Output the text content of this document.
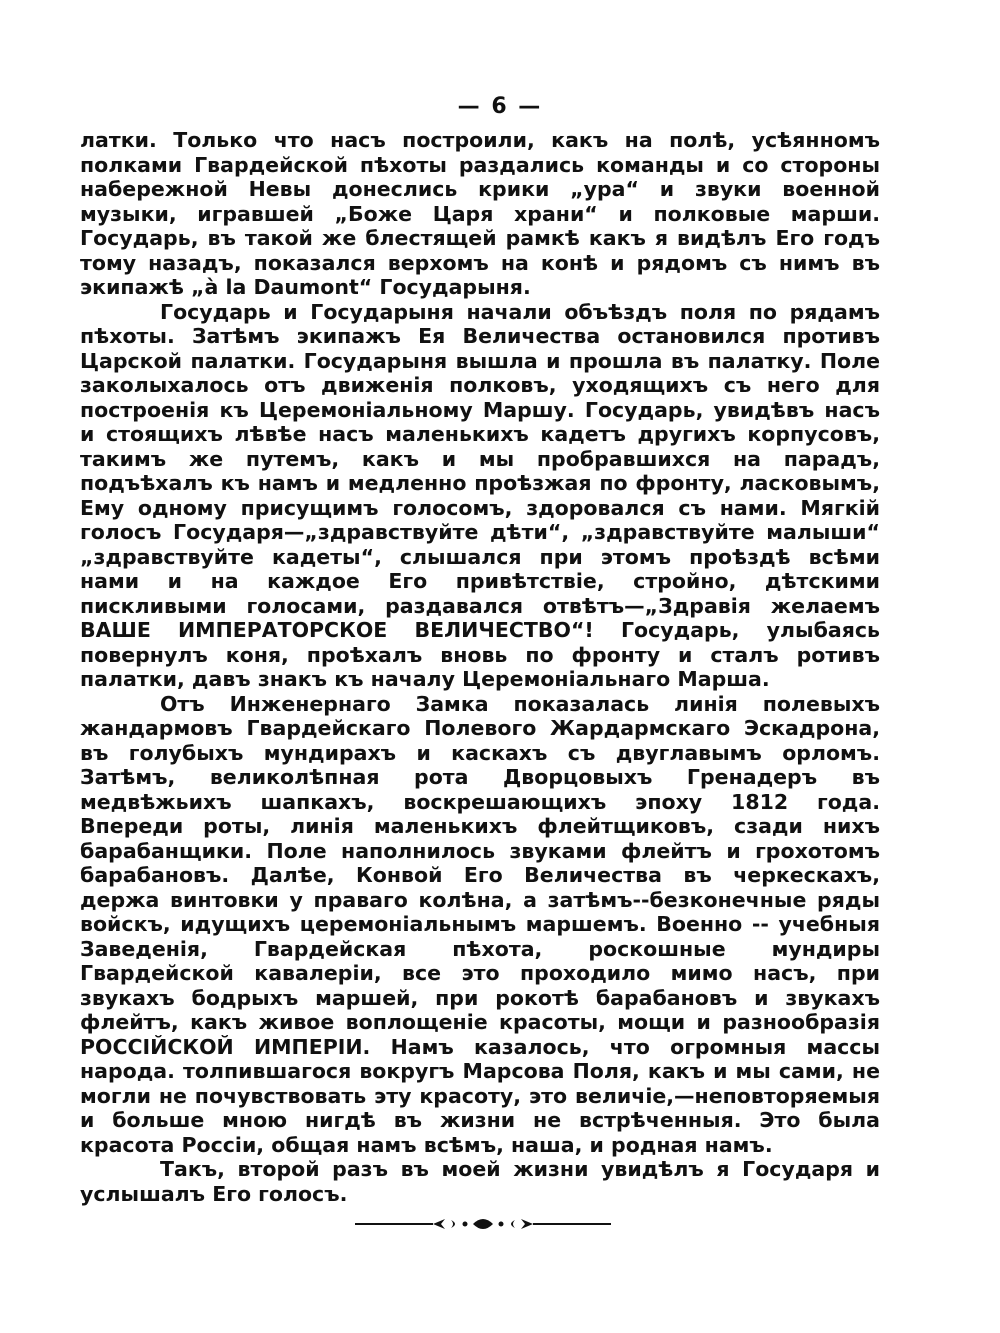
— 6 —

латки. Только что насъ построили, какъ на полѣ, усѣянномъ полками Гвардейской пѣхоты раздались команды и со стороны набережной Невы донеслись крики „ура“ и звуки военной музыки, игравшей „Боже Царя храни“ и полковые марши. Государь, въ такой же блестящей рамкѣ какъ я видѣлъ Его годъ тому назадъ, показался верхомъ на конѣ и рядомъ съ нимъ въ экипажѣ „à la Daumont“ Государыня.

Государь и Государыня начали объѣздъ поля по рядамъ пѣхоты. Затѣмъ экипажъ Ея Величества остановился противъ Царской палатки. Государыня вышла и прошла въ палатку. Поле заколыхалось отъ движенія полковъ, уходящихъ съ него для построенія къ Церемоніальному Маршу. Государь, увидѣвъ насъ и стоящихъ лѣвѣе насъ маленькихъ кадетъ другихъ корпусовъ, такимъ же путемъ, какъ и мы пробравшихся на парадъ, подъѣхалъ къ намъ и медленно проѣзжая по фронту, ласковымъ, Ему одному присущимъ голосомъ, здоровался съ нами. Мягкій голосъ Государя—„здравствуйте дѣти“, „здравствуйте малыши“ „здравствуйте кадеты“, слышался при этомъ проѣздѣ всѣми нами и на каждое Его привѣтствіе, стройно, дѣтскими пискливыми голосами, раздавался отвѣтъ—„Здравія желаемъ ВАШЕ ИМПЕРАТОРСКОЕ ВЕЛИЧЕСТВО“! Государь, улыбаясь повернулъ коня, проѣхалъ вновь по фронту и сталъ ротивъ палатки, давъ знакъ къ началу Церемоніальнаго Марша.

Отъ Инженернаго Замка показалась линія полевыхъ жандармовъ Гвардейскаго Полевого Жардармскаго Эскадрона, въ голубыхъ мундирахъ и каскахъ съ двуглавымъ орломъ. Затѣмъ, великолѣпная рота Дворцовыхъ Гренадеръ въ медвѣжьихъ шапкахъ, воскрешающихъ эпоху 1812 года. Впереди роты, линія маленькихъ флейтщиковъ, сзади нихъ барабанщики. Поле наполнилось звуками флейтъ и грохотомъ барабановъ. Далѣе, Конвой Его Величества въ черкескахъ, держа винтовки у праваго колѣна, а затѣмъ--безконечные ряды войскъ, идущихъ церемоніальнымъ маршемъ. Военно -- учебныя Заведенія, Гвардейская пѣхота, роскошные мундиры Гвардейской кавалеріи, все это проходило мимо насъ, при звукахъ бодрыхъ маршей, при рокотѣ барабановъ и звукахъ флейтъ, какъ живое воплощеніе красоты, мощи и разнообразія РОССІЙСКОЙ ИМПЕРІИ. Намъ казалось, что огромныя массы народа. толпившагося вокругъ Марсова Поля, какъ и мы сами, не могли не почувствовать эту красоту, это величіе,—неповторяемыя и больше мною нигдѣ въ жизни не встрѣченныя. Это была красота Россіи, общая намъ всѣмъ, наша, и родная намъ.

Такъ, второй разъ въ моей жизни увидѣлъ я Государя и услышалъ Его голосъ.
